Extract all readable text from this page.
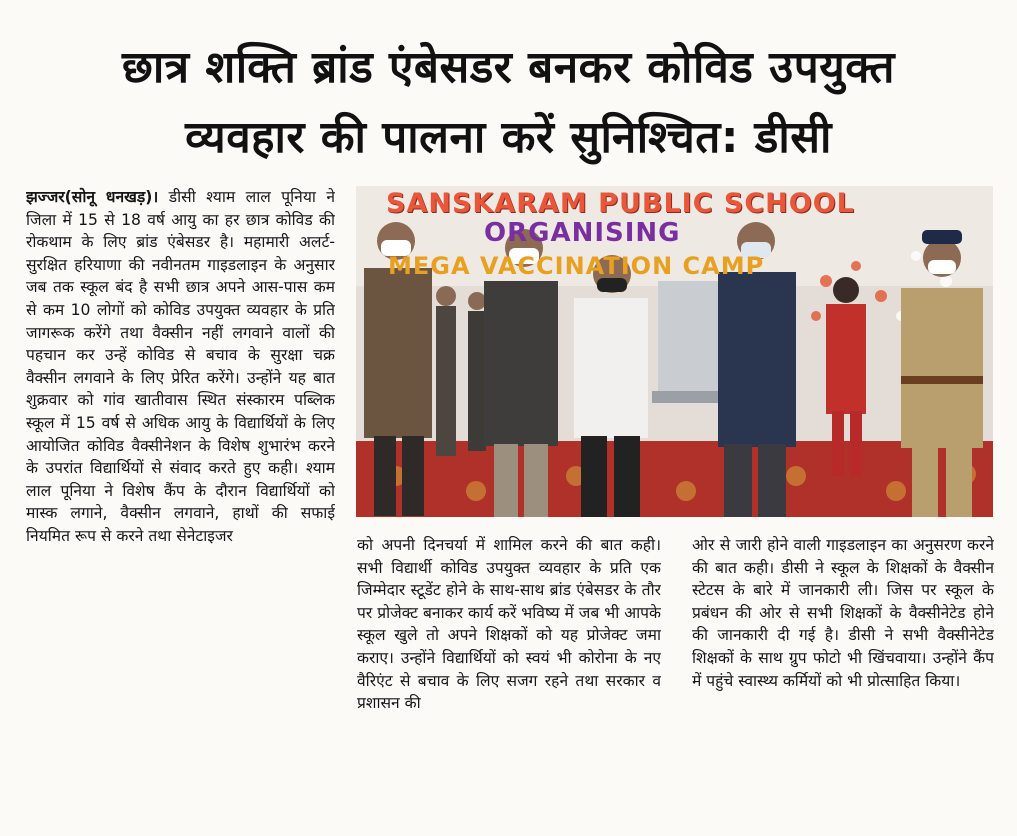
छात्र शक्ति ब्रांड एंबेसडर बनकर कोविड उपयुक्त
व्यवहार की पालना करें सुनिश्चित: डीसी
झज्जर(सोनू धनखड़)। डीसी श्याम लाल पूनिया ने जिला में 15 से 18 वर्ष आयु का हर छात्र कोविड की रोकथाम के लिए ब्रांड एंबेसडर है। महामारी अलर्ट-सुरक्षित हरियाणा की नवीनतम गाइडलाइन के अनुसार जब तक स्कूल बंद है सभी छात्र अपने आस-पास कम से कम 10 लोगों को कोविड उपयुक्त व्यवहार के प्रति जागरूक करेंगे तथा वैक्सीन नहीं लगवाने वालों की पहचान कर उन्हें कोविड से बचाव के सुरक्षा चक्र वैक्सीन लगवाने के लिए प्रेरित करेंगे। उन्होंने यह बात शुक्रवार को गांव खातीवास स्थित संस्कारम पब्लिक स्कूल में 15 वर्ष से अधिक आयु के विद्यार्थियों के लिए आयोजित कोविड वैक्सीनेशन के विशेष शुभारंभ करने के उपरांत विद्यार्थियों से संवाद करते हुए कही। श्याम लाल पूनिया ने विशेष कैंप के दौरान विद्यार्थियों को मास्क लगाने, वैक्सीन लगवाने, हाथों की सफाई नियमित रूप से करने तथा सेनेटाइजर
SANSKARAM PUBLIC SCHOOL
ORGANISING
MEGA VACCINATION CAMP
को अपनी दिनचर्या में शामिल करने की बात कही। सभी विद्यार्थी कोविड उपयुक्त व्यवहार के प्रति एक जिम्मेदार स्टूडेंट होने के साथ-साथ ब्रांड एंबेसडर के तौर पर प्रोजेक्ट बनाकर कार्य करें भविष्य में जब भी आपके स्कूल खुले तो अपने शिक्षकों को यह प्रोजेक्ट जमा कराए। उन्होंने विद्यार्थियों को स्वयं भी कोरोना के नए वैरिएंट से बचाव के लिए सजग रहने तथा सरकार व प्रशासन की
ओर से जारी होने वाली गाइडलाइन का अनुसरण करने की बात कही। डीसी ने स्कूल के शिक्षकों के वैक्सीन स्टेटस के बारे में जानकारी ली। जिस पर स्कूल के प्रबंधन की ओर से सभी शिक्षकों के वैक्सीनेटेड होने की जानकारी दी गई है। डीसी ने सभी वैक्सीनेटेड शिक्षकों के साथ ग्रुप फोटो भी खिंचवाया। उन्होंने कैंप में पहुंचे स्वास्थ्य कर्मियों को भी प्रोत्साहित किया।
